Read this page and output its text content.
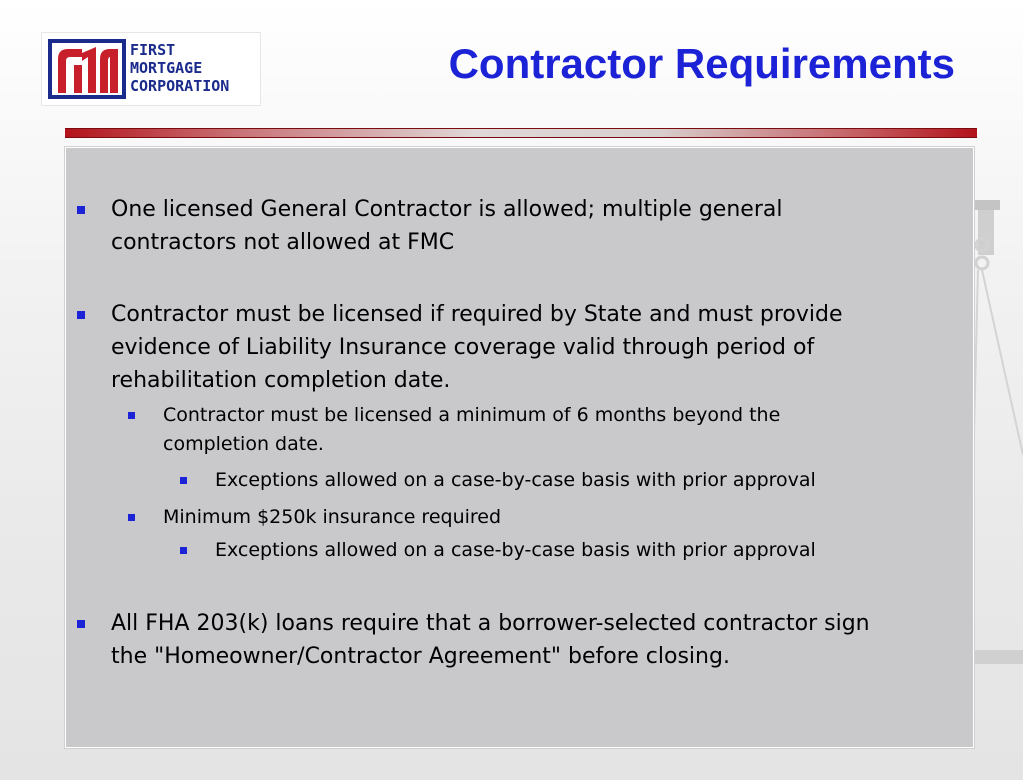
FIRST
MORTGAGE
CORPORATION	Contractor Requirements
One licensed General Contractor is allowed; multiple general
contractors not allowed at FMC
Contractor must be licensed if required by State and must provide
evidence of Liability Insurance coverage valid through period of
rehabilitation completion date.
Contractor must be licensed a minimum of 6 months beyond the
completion date.
Exceptions allowed on a case-by-case basis with prior approval
Minimum $250k insurance required
Exceptions allowed on a case-by-case basis with prior approval
All FHA 203(k) loans require that a borrower-selected contractor sign
the "Homeowner/Contractor Agreement" before closing.
